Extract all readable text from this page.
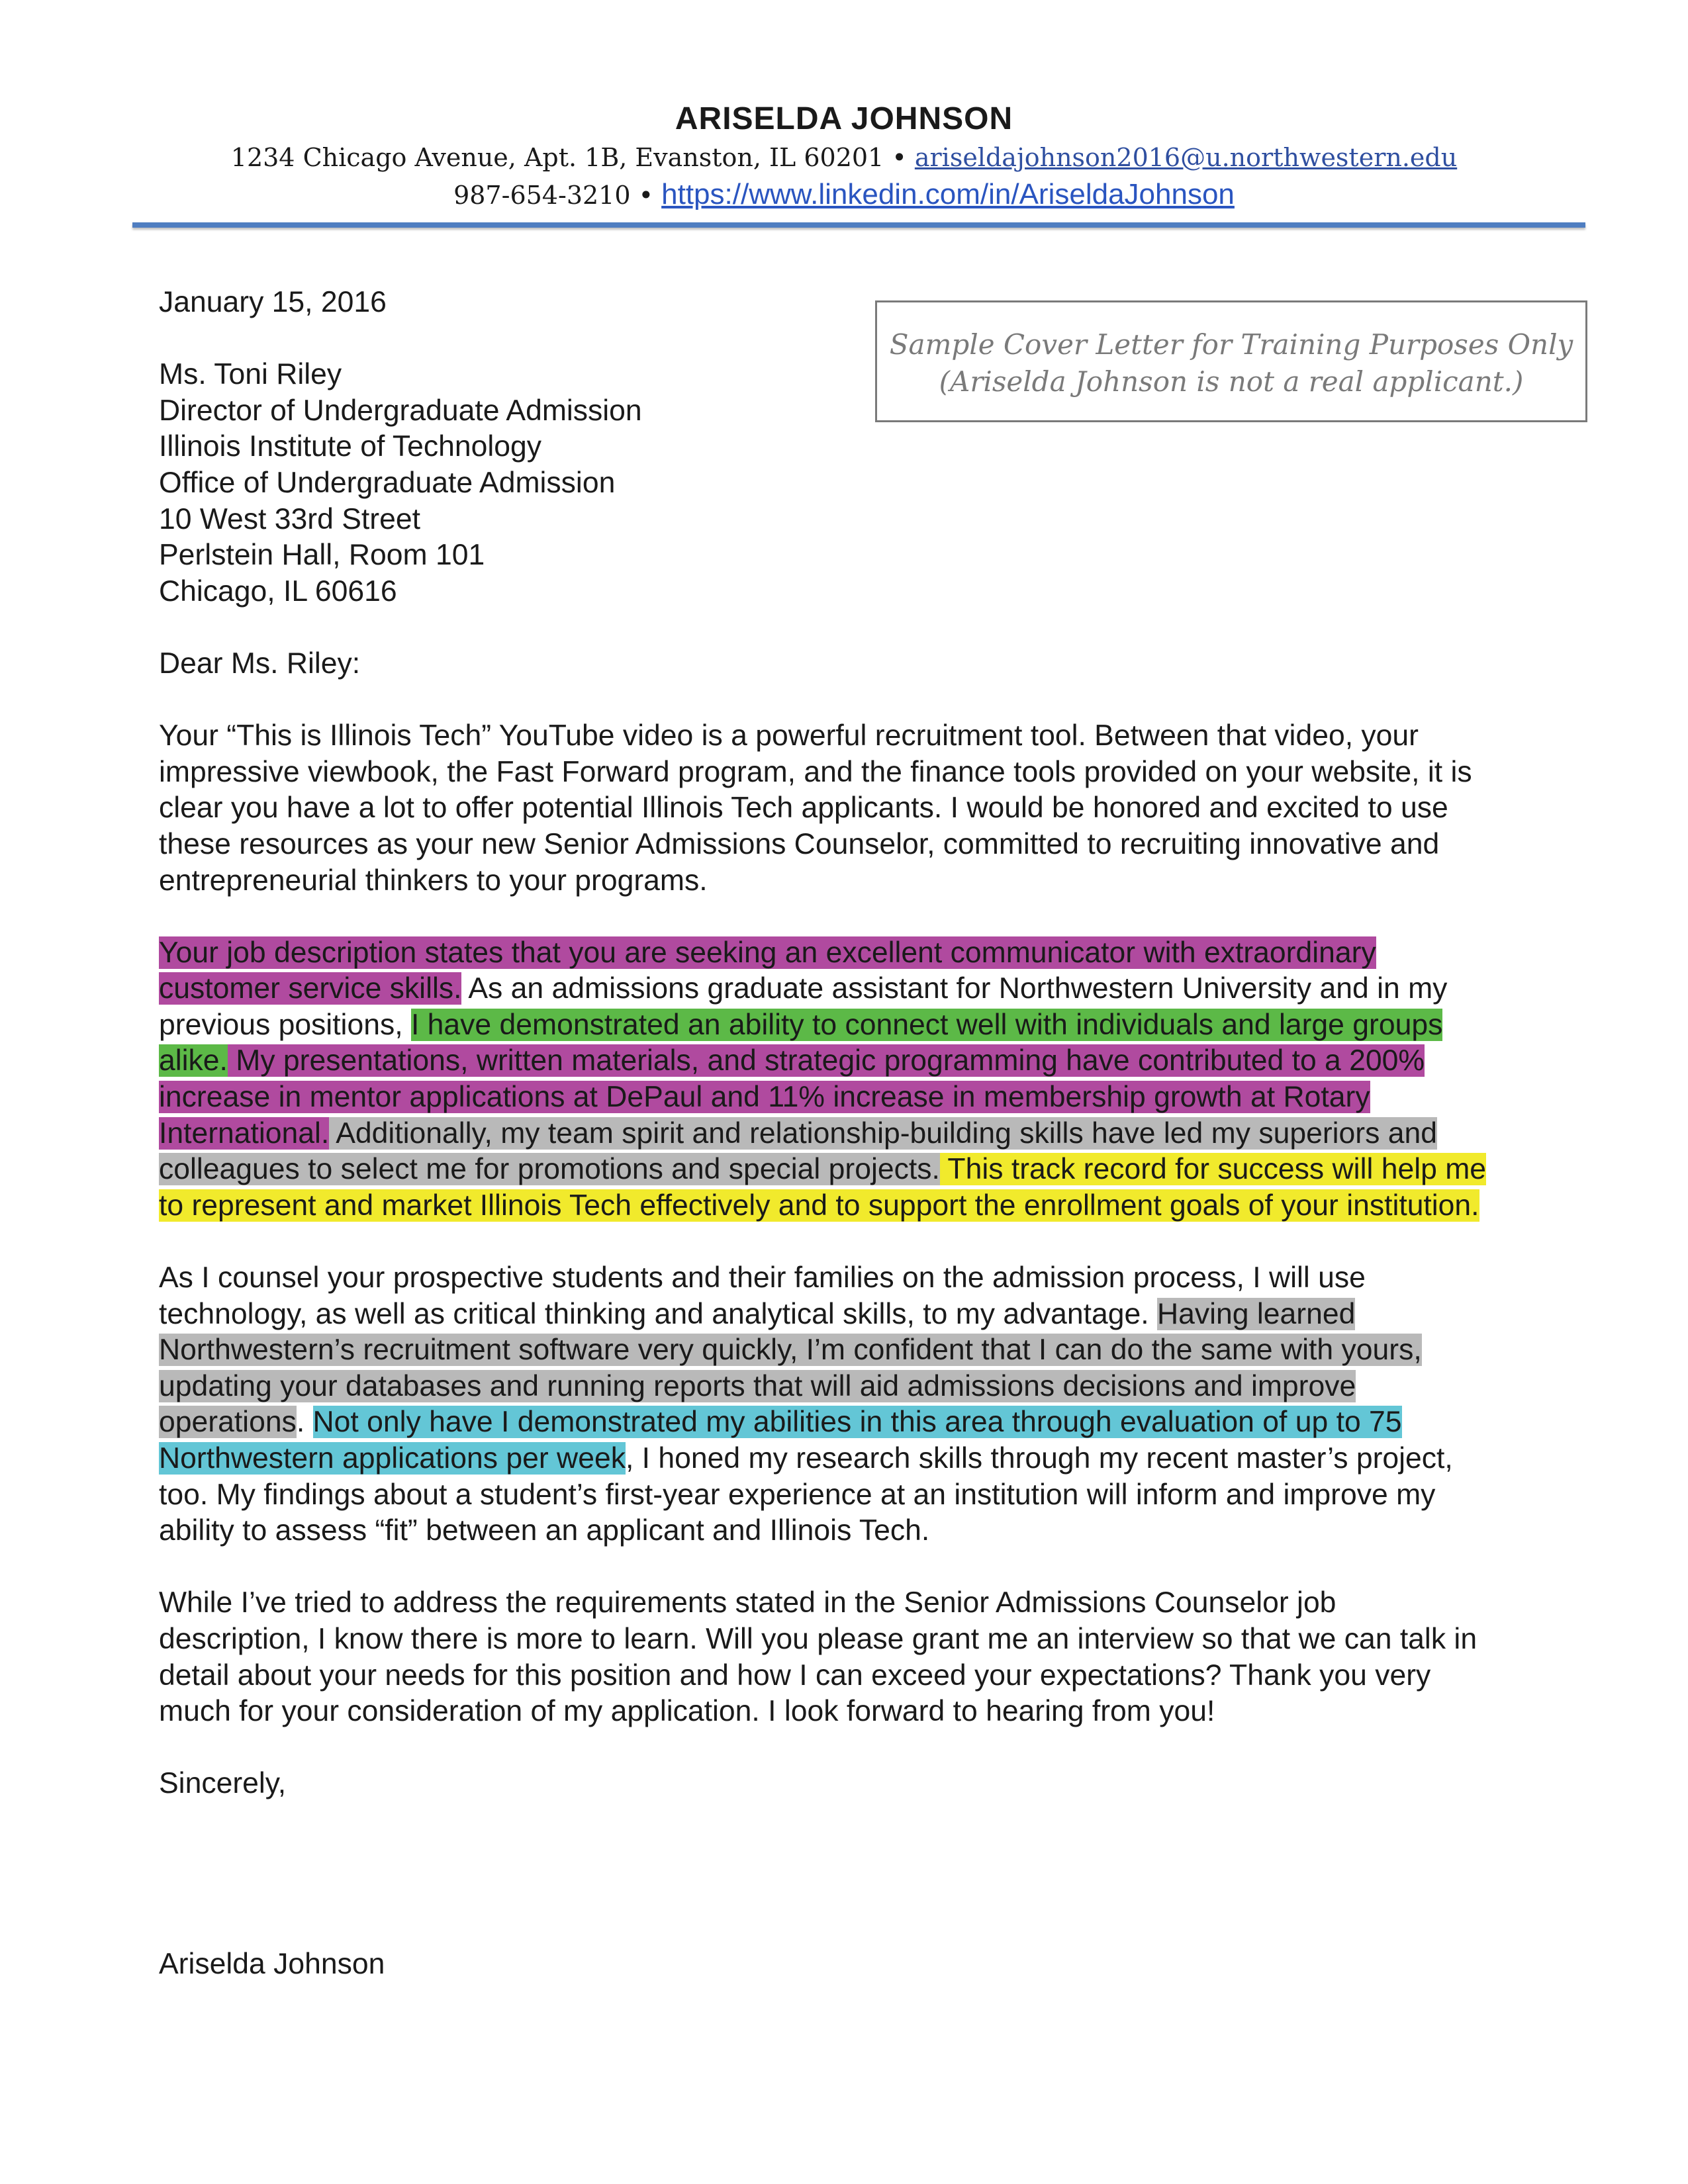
ARISELDA JOHNSON
1234 Chicago Avenue, Apt. 1B, Evanston, IL 60201 • ariseldajohnson2016@u.northwestern.edu
987-654-3210 • https://www.linkedin.com/in/AriseldaJohnson
Sample Cover Letter for Training Purposes Only
(Ariselda Johnson is not a real applicant.)

January 15, 2016

Ms. Toni Riley
Director of Undergraduate Admission
Illinois Institute of Technology
Office of Undergraduate Admission
10 West 33rd Street
Perlstein Hall, Room 101
Chicago, IL 60616

Dear Ms. Riley:

Your “This is Illinois Tech” YouTube video is a powerful recruitment tool. Between that video, your
impressive viewbook, the Fast Forward program, and the finance tools provided on your website, it is
clear you have a lot to offer potential Illinois Tech applicants. I would be honored and excited to use
these resources as your new Senior Admissions Counselor, committed to recruiting innovative and
entrepreneurial thinkers to your programs.
Your job description states that you are seeking an excellent communicator with extraordinary
customer service skills. As an admissions graduate assistant for Northwestern University and in my
previous positions, I have demonstrated an ability to connect well with individuals and large groups
alike. My presentations, written materials, and strategic programming have contributed to a 200%
increase in mentor applications at DePaul and 11% increase in membership growth at Rotary
International. Additionally, my team spirit and relationship-building skills have led my superiors and
colleagues to select me for promotions and special projects. This track record for success will help me
to represent and market Illinois Tech effectively and to support the enrollment goals of your institution.
As I counsel your prospective students and their families on the admission process, I will use
technology, as well as critical thinking and analytical skills, to my advantage. Having learned
Northwestern’s recruitment software very quickly, I’m confident that I can do the same with yours,
updating your databases and running reports that will aid admissions decisions and improve
operations. Not only have I demonstrated my abilities in this area through evaluation of up to 75
Northwestern applications per week, I honed my research skills through my recent master’s project,
too. My findings about a student’s first-year experience at an institution will inform and improve my
ability to assess “fit” between an applicant and Illinois Tech.
While I’ve tried to address the requirements stated in the Senior Admissions Counselor job
description, I know there is more to learn. Will you please grant me an interview so that we can talk in
detail about your needs for this position and how I can exceed your expectations? Thank you very
much for your consideration of my application. I look forward to hearing from you!

Sincerely,

Ariselda Johnson
